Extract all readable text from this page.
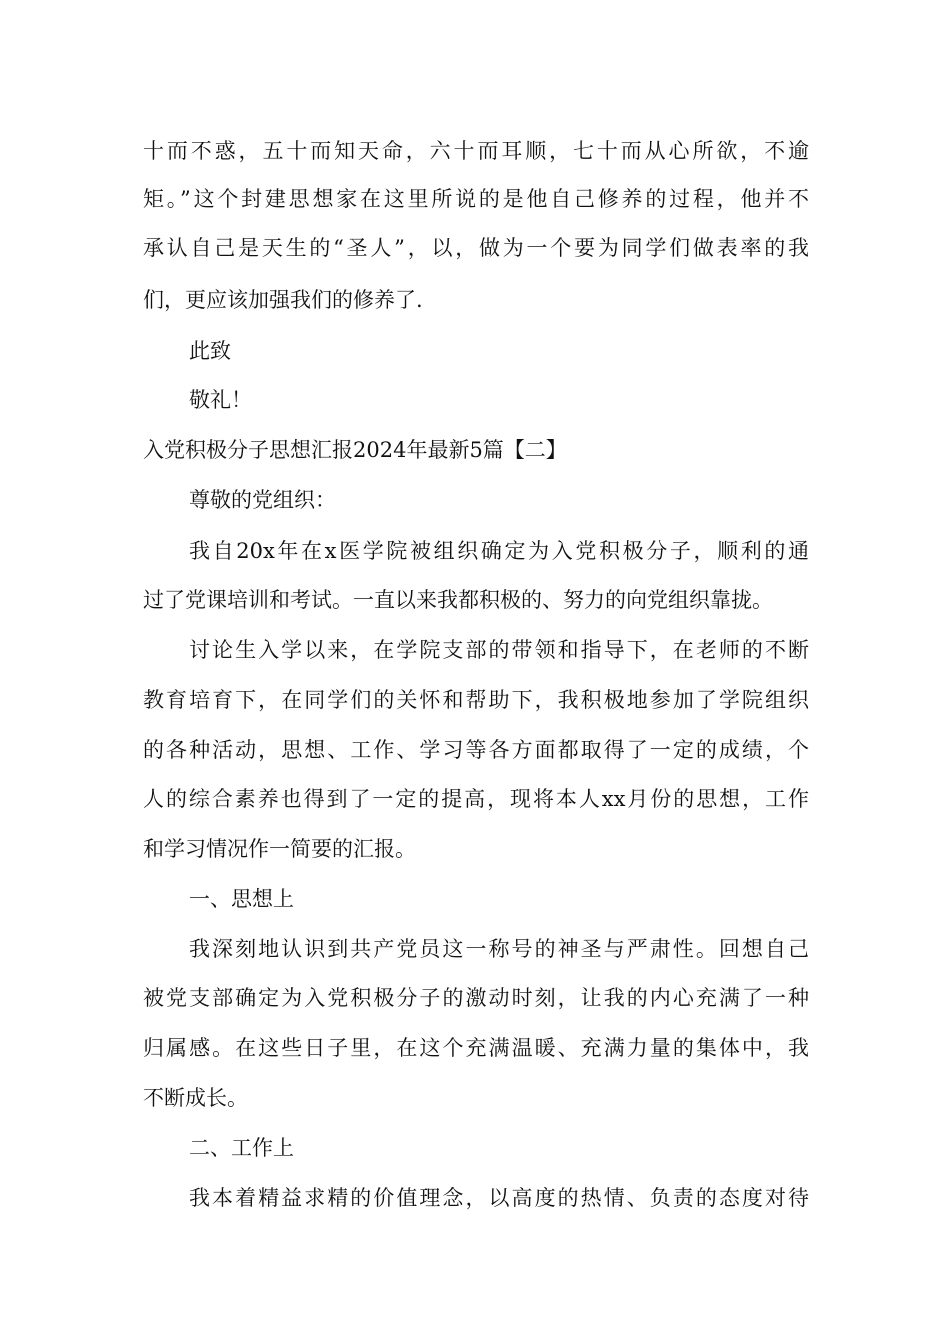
十而不惑，五十而知天命，六十而耳顺，七十而从心所欲，不逾
矩。”这个封建思想家在这里所说的是他自己修养的过程，他并不
承认自己是天生的“圣人”，以，做为一个要为同学们做表率的我
们，更应该加强我们的修养了.
此致
敬礼！
入党积极分子思想汇报2024年最新5篇【二】
尊敬的党组织：
我自20x年在x医学院被组织确定为入党积极分子，顺利的通
过了党课培训和考试。一直以来我都积极的、努力的向党组织靠拢。
讨论生入学以来，在学院支部的带领和指导下，在老师的不断
教育培育下，在同学们的关怀和帮助下，我积极地参加了学院组织
的各种活动，思想、工作、学习等各方面都取得了一定的成绩，个
人的综合素养也得到了一定的提高，现将本人xx月份的思想，工作
和学习情况作一简要的汇报。
一、思想上
我深刻地认识到共产党员这一称号的神圣与严肃性。回想自己
被党支部确定为入党积极分子的激动时刻，让我的内心充满了一种
归属感。在这些日子里，在这个充满温暖、充满力量的集体中，我
不断成长。
二、工作上
我本着精益求精的价值理念，以高度的热情、负责的态度对待
